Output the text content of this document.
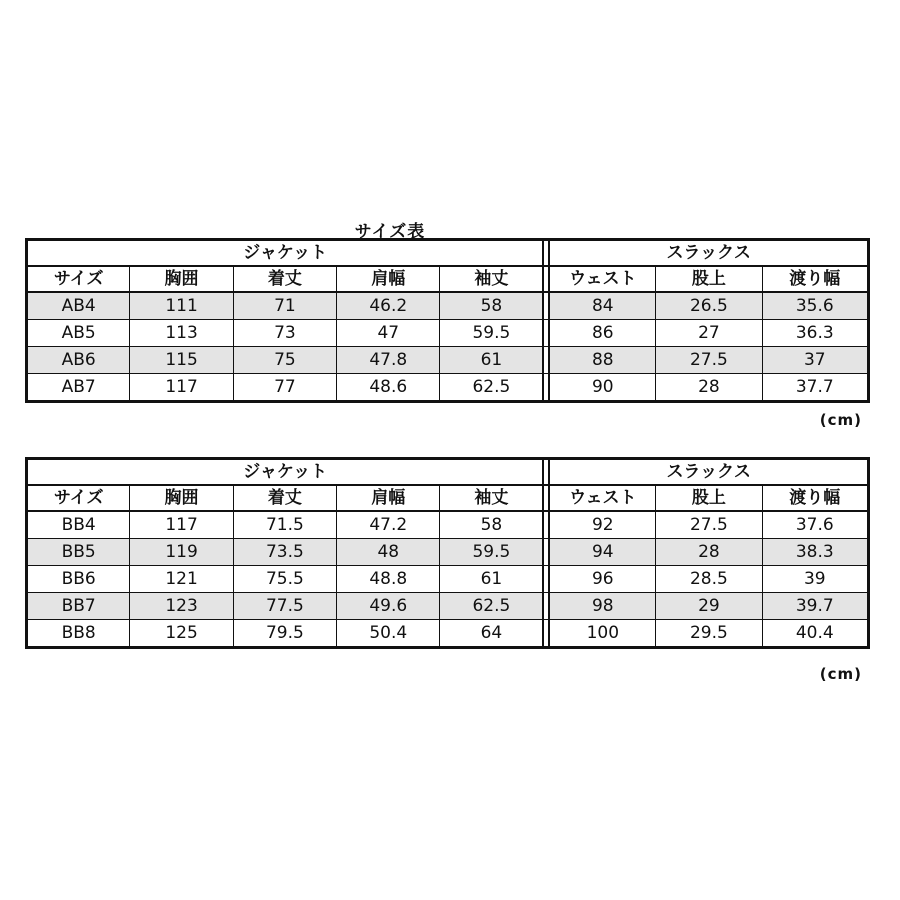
サイズ表
ジャケット						スラックス		
サイズ	胸囲	着丈	肩幅	袖丈		ウェスト	股上	渡り幅
AB4	111	71	46.2	58		84	26.5	35.6
AB5	113	73	47	59.5		86	27	36.3
AB6	115	75	47.8	61		88	27.5	37
AB7	117	77	48.6	62.5		90	28	37.7
(cm)
ジャケット						スラックス		
サイズ	胸囲	着丈	肩幅	袖丈		ウェスト	股上	渡り幅
BB4	117	71.5	47.2	58		92	27.5	37.6
BB5	119	73.5	48	59.5		94	28	38.3
BB6	121	75.5	48.8	61		96	28.5	39
BB7	123	77.5	49.6	62.5		98	29	39.7
BB8	125	79.5	50.4	64		100	29.5	40.4
(cm)
